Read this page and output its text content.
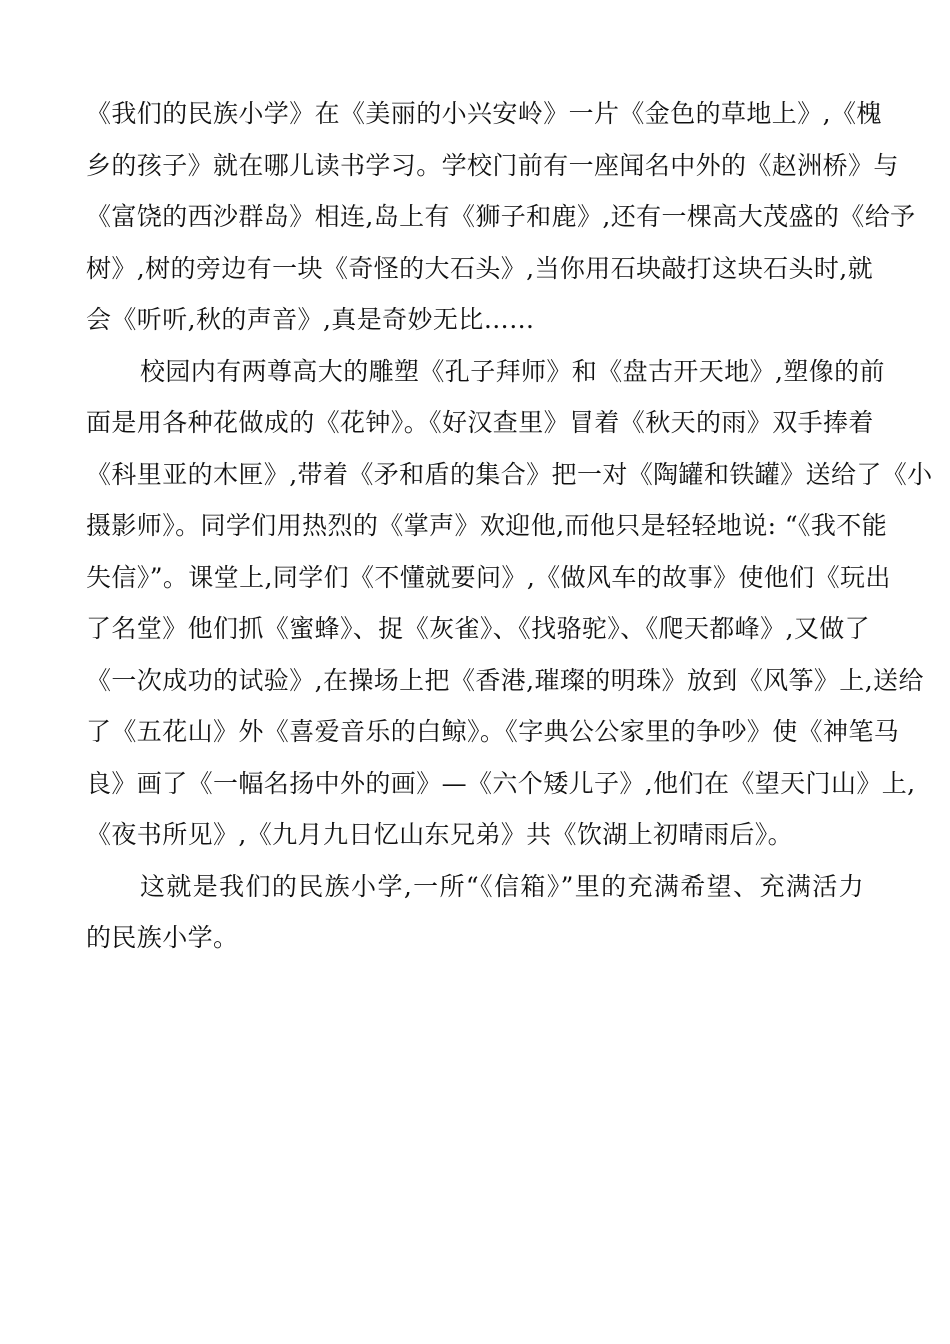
《我们的民族小学》在《美丽的小兴安岭》一片《金色的草地上》,《槐
乡的孩子》就在哪儿读书学习。学校门前有一座闻名中外的《赵洲桥》与
《富饶的西沙群岛》相连,岛上有《狮子和鹿》,还有一棵高大茂盛的《给予
树》,树的旁边有一块《奇怪的大石头》,当你用石块敲打这块石头时,就
会《听听,秋的声音》,真是奇妙无比……
校园内有两尊高大的雕塑《孔子拜师》和《盘古开天地》,塑像的前
面是用各种花做成的《花钟》。《好汉查里》冒着《秋天的雨》双手捧着
《科里亚的木匣》,带着《矛和盾的集合》把一对《陶罐和铁罐》送给了《小
摄影师》。同学们用热烈的《掌声》欢迎他,而他只是轻轻地说: “《我不能
失信》”。课堂上,同学们《不懂就要问》,《做风车的故事》使他们《玩出
了名堂》他们抓《蜜蜂》、捉《灰雀》、《找骆驼》、《爬天都峰》,又做了
《一次成功的试验》,在操场上把《香港,璀璨的明珠》放到《风筝》上,送给
了《五花山》外《喜爱音乐的白鲸》。《字典公公家里的争吵》使《神笔马
良》画了《一幅名扬中外的画》—《六个矮儿子》,他们在《望天门山》上,
《夜书所见》,《九月九日忆山东兄弟》共《饮湖上初晴雨后》。
这就是我们的民族小学,一所“《信箱》”里的充满希望、充满活力
的民族小学。
